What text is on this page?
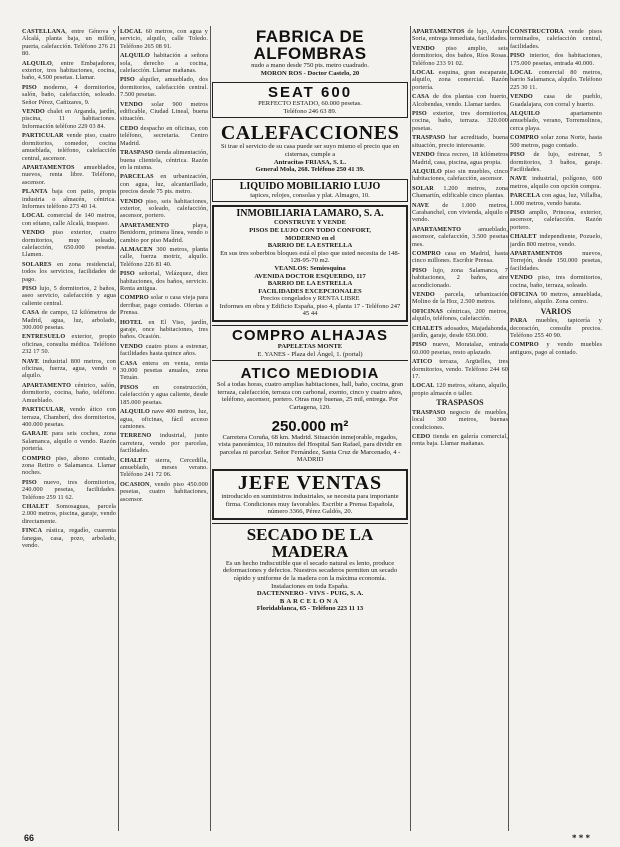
CASTELLANA, entre Génova y Alcalá, planta baja, un millón, puerta, calefacción. Teléfono 276 21 80.

ALQUILO, entre Embajadores, exterior, tres habitaciones, cocina, baño, 4.500 pesetas. Llamar.

PISO moderno, 4 dormitorios, salón, baño, calefacción, soleado. Señor Pérez, Cañizares, 9.

VENDO chalet en Arganda, jardín, piscina, 11 habitaciones. Información teléfono 229 03 84.

PARTICULAR vende piso, cuatro dormitorios, comedor, cocina amueblada, teléfono, calefacción central, ascensor.

APARTAMENTOS amueblados, nuevos, renta libre. Teléfono, ascensor.

PLANTA baja con patio, propia industria o almacén, céntrica. Informes teléfono 273 40 14.

LOCAL comercial de 140 metros, con sótano, calle Alcalá, traspaso.

VENDO piso exterior, cuatro dormitorios, muy soleado, calefacción, 650.000 pesetas. Llamen.

SOLARES en zona residencial, todos los servicios, facilidades de pago.

PISO lujo, 5 dormitorios, 2 baños, aseo servicio, calefacción y agua caliente central.

CASA de campo, 12 kilómetros de Madrid, agua, luz, arbolado, 300.000 pesetas.

ENTRESUELO exterior, propio oficinas, consulta médica. Teléfono 232 17 50.

NAVE industrial 800 metros, con oficinas, fuerza, agua, vendo o alquilo.

APARTAMENTO céntrico, salón, dormitorio, cocina, baño, teléfono. Amueblado.

PARTICULAR, vendo ático con terraza, Chamberí, dos dormitorios, 400.000 pesetas.

GARAJE para seis coches, zona Salamanca, alquilo o vendo. Razón portería.

COMPRO piso, abono contado, zona Retiro o Salamanca. Llamar noches.

PISO nuevo, tres dormitorios, 240.000 pesetas, facilidades. Teléfono 259 11 62.

CHALET Somosaguas, parcela 2.000 metros, piscina, garaje, vendo directamente.

FINCA rústica, regadío, cuarenta fanegas, casa, pozo, arbolado, vendo.

LOCAL 60 metros, con agua y servicio, alquilo, calle Toledo. Teléfono 265 08 91.

ALQUILO habitación a señora sola, derecho a cocina, calefacción. Llamar mañanas.

PISO alquiler, amueblado, dos dormitorios, calefacción central. 7.500 pesetas.

VENDO solar 900 metros edificable, Ciudad Lineal, buena situación.

CEDO despacho en oficinas, con teléfono, secretaria. Centro Madrid.

TRASPASO tienda alimentación, buena clientela, céntrica. Razón en la misma.

PARCELAS en urbanización, con agua, luz, alcantarillado, precios desde 75 pts. metro.

VENDO piso, seis habitaciones, exterior, soleado, calefacción, ascensor, portero.

APARTAMENTO playa, Benidorm, primera línea, vendo o cambio por piso Madrid.

ALMACEN 300 metros, planta calle, fuerza motriz, alquilo. Teléfono 226 81 40.

PISO señorial, Velázquez, diez habitaciones, dos baños, servicio. Renta antigua.

COMPRO solar o casa vieja para derribar, pago contado. Ofertas a Prensa.

HOTEL en El Viso, jardín, garaje, once habitaciones, tres baños. Ocasión.

VENDO cuatro pisos a estrenar, facilidades hasta quince años.

CASA entera en venta, renta 30.000 pesetas anuales, zona Tetuán.

PISOS en construcción, calefacción y agua caliente, desde 185.000 pesetas.

ALQUILO nave 400 metros, luz, agua, oficinas, fácil acceso camiones.

TERRENO industrial, junto carretera, vendo por parcelas, facilidades.

CHALET sierra, Cercedilla, amueblado, meses verano. Teléfono 241 72 06.

OCASION, vendo piso 450.000 pesetas, cuatro habitaciones, ascensor.

APARTAMENTOS de lujo, Arturo Soria, entrega inmediata, facilidades.

VENDO piso amplio, seis dormitorios, dos baños, Ríos Rosas. Teléfono 233 91 02.

LOCAL esquina, gran escaparate, alquilo, zona comercial. Razón portería.

CASA de dos plantas con huerto, Alcobendas, vendo. Llamar tardes.

PISO exterior, tres dormitorios, cocina, baño, terraza. 320.000 pesetas.

TRASPASO bar acreditado, buena situación, precio interesante.

VENDO finca recreo, 18 kilómetros Madrid, casa, piscina, agua propia.

ALQUILO piso sin muebles, cinco habitaciones, calefacción, ascensor.

SOLAR 1.200 metros, zona Chamartín, edificable cinco plantas.

NAVE de 1.000 metros, Carabanchel, con vivienda, alquilo o vendo.

APARTAMENTO amueblado, ascensor, calefacción, 3.500 pesetas mes.

COMPRO casa en Madrid, hasta cinco millones. Escribir Prensa.

PISO lujo, zona Salamanca, 7 habitaciones, 2 baños, aire acondicionado.

VENDO parcela, urbanización Molino de la Hoz, 2.500 metros.

OFICINAS céntricas, 200 metros, alquilo, teléfonos, calefacción.

CHALETS adosados, Majadahonda, jardín, garaje, desde 650.000.

PISO nuevo, Moratalaz, entrada 60.000 pesetas, resto aplazado.

ATICO terraza, Argüelles, tres dormitorios, vendo. Teléfono 244 60 17.

LOCAL 120 metros, sótano, alquilo, propio almacén o taller.

TRASPASOS

TRASPASO negocio de muebles, local 300 metros, buenas condiciones.

CEDO tienda en galería comercial, renta baja. Llamar mañanas.

CONSTRUCTORA vende pisos terminados, calefacción central, facilidades.

PISO interior, dos habitaciones, 175.000 pesetas, entrada 40.000.

LOCAL comercial 80 metros, barrio Salamanca, alquilo. Teléfono 225 30 11.

VENDO casa de pueblo, Guadalajara, con corral y huerto.

ALQUILO apartamento amueblado, verano, Torremolinos, cerca playa.

COMPRO solar zona Norte, hasta 500 metros, pago contado.

PISO de lujo, estrenar, 5 dormitorios, 3 baños, garaje. Facilidades.

NAVE industrial, polígono, 600 metros, alquilo con opción compra.

PARCELA con agua, luz, Villalba, 1.000 metros, vendo barata.

PISO amplio, Princesa, exterior, ascensor, calefacción. Razón portero.

CHALET independiente, Pozuelo, jardín 800 metros, vendo.

APARTAMENTOS nuevos, Torrejón, desde 150.000 pesetas, facilidades.

VENDO piso, tres dormitorios, cocina, baño, terraza, soleado.

OFICINA 90 metros, amueblada, teléfono, alquilo. Zona centro.

VARIOS

PARA muebles, tapicería y decoración, consulte precios. Teléfono 255 40 90.

COMPRO y vendo muebles antiguos, pago al contado.

FABRICA DE ALFOMBRAS
nudo a mano desde 750 pts. metro cuadrado.
MORON ROS - Doctor Castelo, 20
SEAT 600
PERFECTO ESTADO, 60.000 pesetas.
Teléfono 246 63 89.
CALEFACCIONES
Si trae el servicio de su casa puede ser suyo mismo el precio que en cisternas, cumple a
Antracitas FRIASA, S. L.
General Mola, 268. Teléfono 250 41 39.
LIQUIDO MOBILIARIO LUJO
tapices, relojes, consolas y plat. Almagro, 10.
INMOBILIARIA LAMARO, S. A.
CONSTRUYE Y VENDE
PISOS DE LUJO CON TODO CONFORT,
MODERNO en el
BARRIO DE LA ESTRELLA
En sus tres soberbios bloques está el piso que usted necesita de 148-128-95-70 m2.
VEANLOS: Semiesquina
AVENIDA DOCTOR ESQUERDO, 117
BARRIO DE LA ESTRELLA
FACILIDADES EXCEPCIONALES
Precios congelados y RENTA LIBRE
Informes en obra y Edificio España, piso 4, planta 17 - Teléfono 247 45 44
COMPRO ALHAJAS
PAPELETAS MONTE
E. YANES - Plaza del Ángel, 1. (portal)
ATICO MEDIODIA
Sol a todas horas, cuatro amplias habitaciones, hall, baño, cocina, gran terraza, calefacción, terraza con carbonal, exento, cinco y cuatro años, teléfono, ascensor, portero. Otras muy buenas, 25 mil, entrega. Por Cartagena, 120.
250.000 m²
Carretera Coruña, 68 km. Madrid. Situación inmejorable, regados, vista panorámica, 10 minutos del Hospital San Rafael, para dividir en parcelas ni parcelar. Señor Fernández, Santa Cruz de Marcenado, 4 - MADRID
JEFE VENTAS
introducido en suministros industriales, se necesita para importante firma. Condiciones muy favorables. Escribir a Prensa Española, número 3366, Pérez Galdós, 20.
SECADO DE LA MADERA
Es un hecho indiscutible que el secado natural es lento, produce deformaciones y defectos. Nuestros secaderos permiten un secado rápido y uniforme de la madera con la máxima economía.
Instalaciones en toda España.
DACTENNERO - VIVS - PUIG, S. A.
BARCELONA
Floridablanca, 65 - Teléfono 223 11 13
66	* * *
